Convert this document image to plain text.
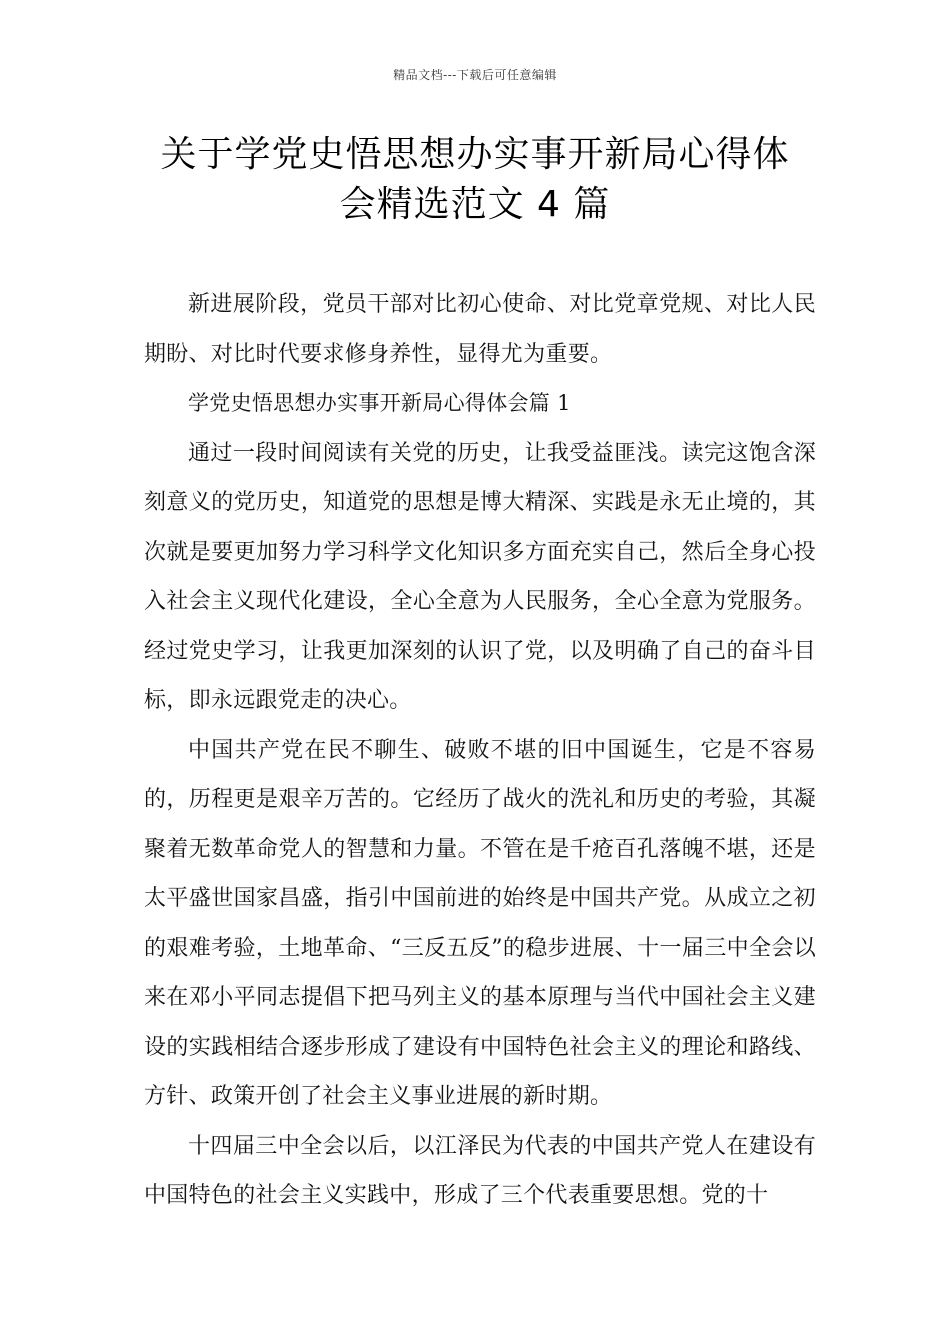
精品文档---下载后可任意编辑
关于学党史悟思想办实事开新局心得体
会精选范文 4 篇

新进展阶段，党员干部对比初心使命、对比党章党规、对比人民期盼、对比时代要求修身养性，显得尤为重要。

学党史悟思想办实事开新局心得体会篇 1

通过一段时间阅读有关党的历史，让我受益匪浅。读完这饱含深刻意义的党历史，知道党的思想是博大精深、实践是永无止境的，其次就是要更加努力学习科学文化知识多方面充实自己，然后全身心投入社会主义现代化建设，全心全意为人民服务，全心全意为党服务。经过党史学习，让我更加深刻的认识了党，以及明确了自己的奋斗目标，即永远跟党走的决心。

中国共产党在民不聊生、破败不堪的旧中国诞生，它是不容易的，历程更是艰辛万苦的。它经历了战火的洗礼和历史的考验，其凝聚着无数革命党人的智慧和力量。不管在是千疮百孔落魄不堪，还是太平盛世国家昌盛，指引中国前进的始终是中国共产党。从成立之初的艰难考验，土地革命、“三反五反”的稳步进展、十一届三中全会以来在邓小平同志提倡下把马列主义的基本原理与当代中国社会主义建设的实践相结合逐步形成了建设有中国特色社会主义的理论和路线、方针、政策开创了社会主义事业进展的新时期。

十四届三中全会以后，以江泽民为代表的中国共产党人在建设有中国特色的社会主义实践中，形成了三个代表重要思想。党的十
